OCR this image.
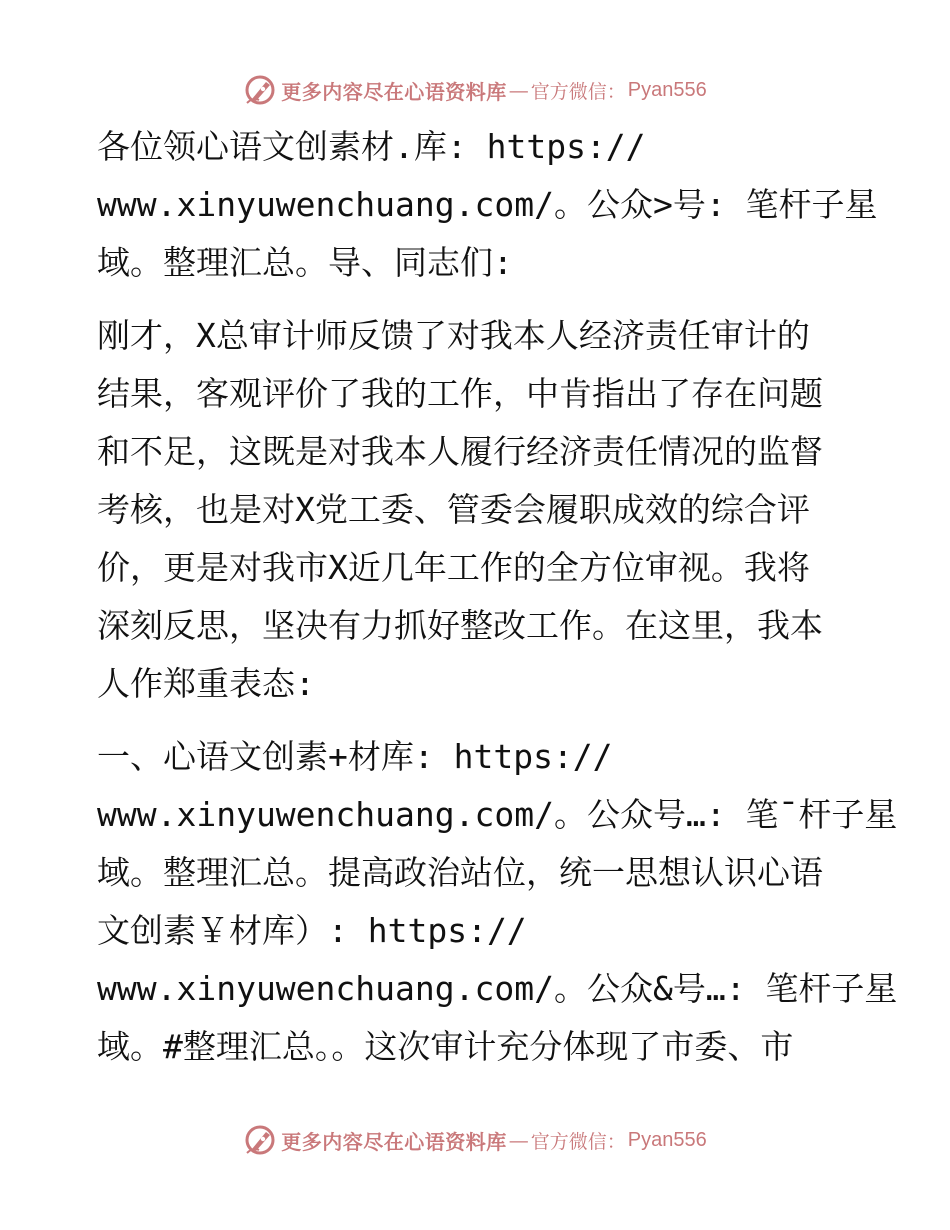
更多内容尽在心语资料库 — 官方微信： Pyan556

各位领心语文创素材.库: https://
www.xinyuwenchuang.com/。公众>号: 笔杆子星
域。整理汇总。导、同志们:

刚才，X总审计师反馈了对我本人经济责任审计的
结果，客观评价了我的工作，中肯指出了存在问题
和不足，这既是对我本人履行经济责任情况的监督
考核，也是对X党工委、管委会履职成效的综合评
价，更是对我市X近几年工作的全方位审视。我将
深刻反思，坚决有力抓好整改工作。在这里，我本
人作郑重表态:

一、心语文创素+材库: https://
www.xinyuwenchuang.com/。公众号…: 笔¯杆子星
域。整理汇总。提高政治站位，统一思想认识心语
文创素￥材库）: https://
www.xinyuwenchuang.com/。公众&号…: 笔杆子星
域。#整理汇总。。这次审计充分体现了市委、市

更多内容尽在心语资料库 — 官方微信： Pyan556
